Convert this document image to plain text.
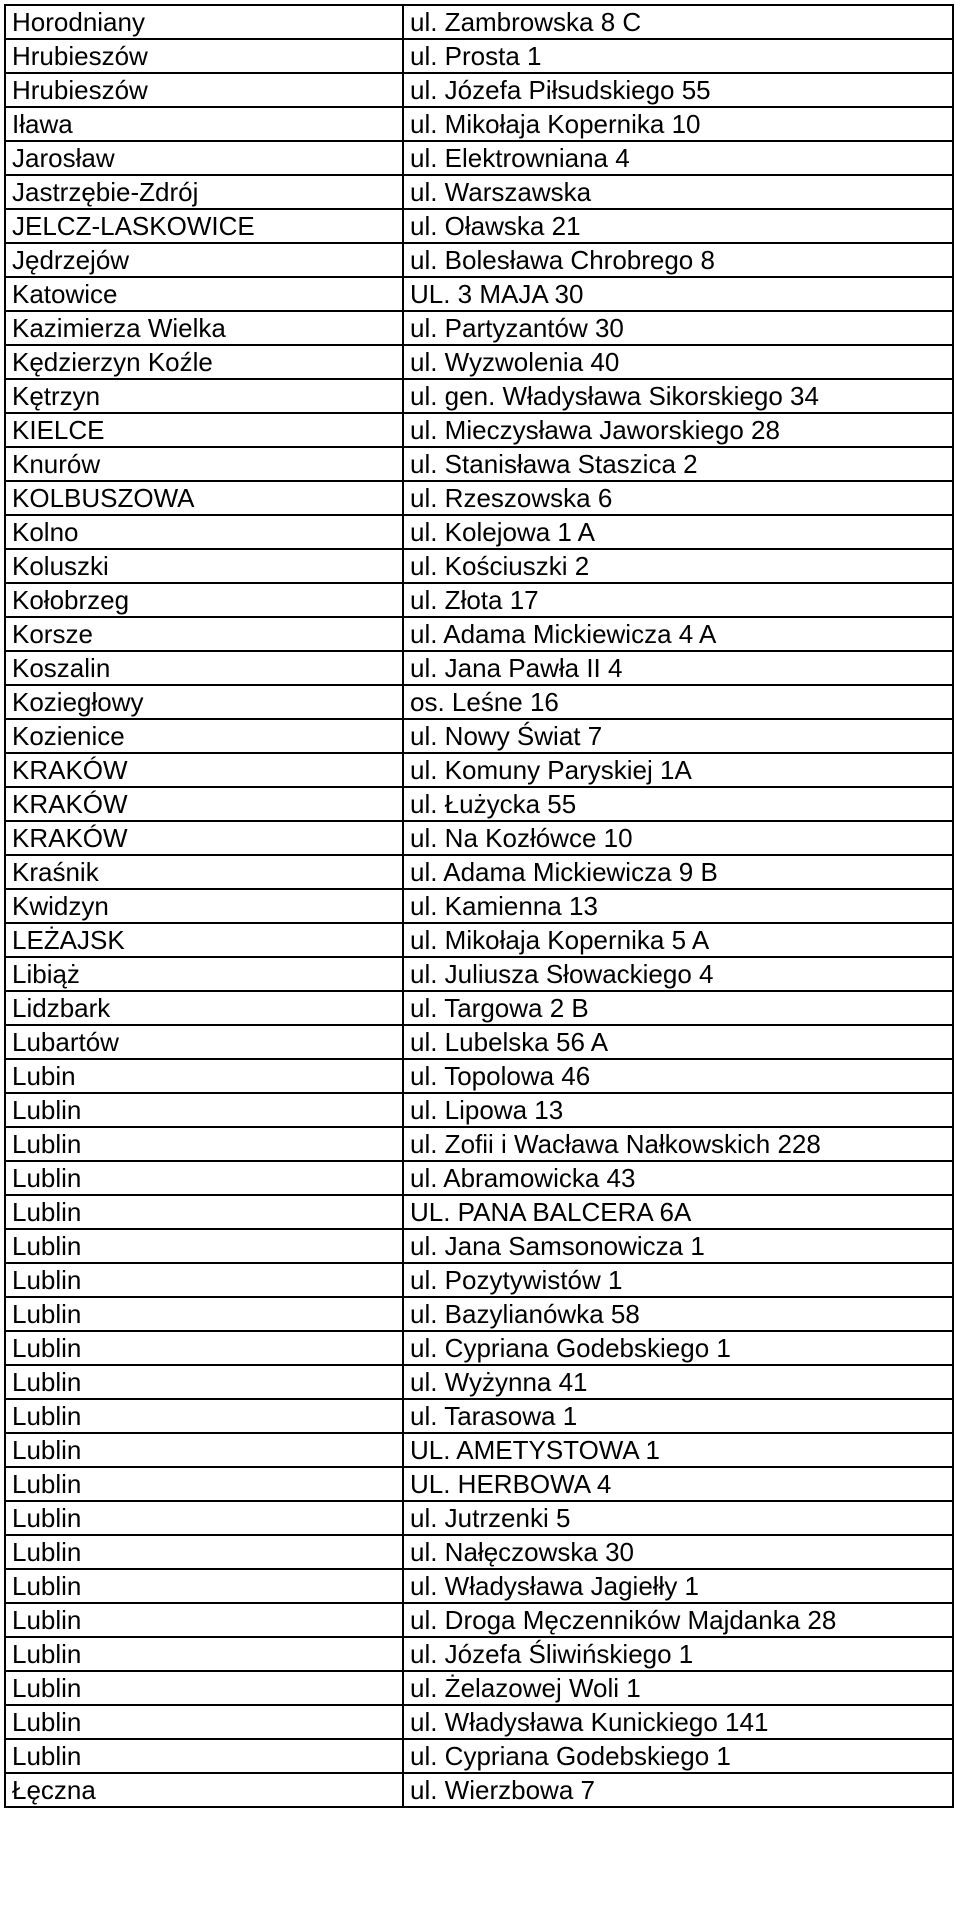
Horodniany	ul. Zambrowska 8 C
Hrubieszów	ul. Prosta 1
Hrubieszów	ul. Józefa Piłsudskiego 55
Iława	ul. Mikołaja Kopernika 10
Jarosław	ul. Elektrowniana 4
Jastrzębie-Zdrój	ul. Warszawska
JELCZ-LASKOWICE	ul. Oławska 21
Jędrzejów	ul. Bolesława Chrobrego 8
Katowice	UL. 3 MAJA 30
Kazimierza Wielka	ul. Partyzantów 30
Kędzierzyn Koźle	ul. Wyzwolenia 40
Kętrzyn	ul. gen. Władysława Sikorskiego 34
KIELCE	ul. Mieczysława Jaworskiego 28
Knurów	ul. Stanisława Staszica 2
KOLBUSZOWA	ul. Rzeszowska 6
Kolno	ul. Kolejowa 1 A
Koluszki	ul. Kościuszki 2
Kołobrzeg	ul. Złota 17
Korsze	ul. Adama Mickiewicza 4 A
Koszalin	ul. Jana Pawła II 4
Koziegłowy	os. Leśne 16
Kozienice	ul. Nowy Świat 7
KRAKÓW	ul. Komuny Paryskiej 1A
KRAKÓW	ul. Łużycka 55
KRAKÓW	ul. Na Kozłówce 10
Kraśnik	ul. Adama Mickiewicza 9 B
Kwidzyn	ul. Kamienna 13
LEŻAJSK	ul. Mikołaja Kopernika 5 A
Libiąż	ul. Juliusza Słowackiego 4
Lidzbark	ul. Targowa 2 B
Lubartów	ul. Lubelska 56 A
Lubin	ul. Topolowa 46
Lublin	ul. Lipowa 13
Lublin	ul. Zofii i Wacława Nałkowskich 228
Lublin	ul. Abramowicka 43
Lublin	UL. PANA BALCERA 6A
Lublin	ul. Jana Samsonowicza 1
Lublin	ul. Pozytywistów 1
Lublin	ul. Bazylianówka 58
Lublin	ul. Cypriana Godebskiego 1
Lublin	ul. Wyżynna 41
Lublin	ul. Tarasowa 1
Lublin	UL. AMETYSTOWA 1
Lublin	UL. HERBOWA 4
Lublin	ul. Jutrzenki 5
Lublin	ul. Nałęczowska 30
Lublin	ul. Władysława Jagiełły 1
Lublin	ul. Droga Męczenników Majdanka 28
Lublin	ul. Józefa Śliwińskiego 1
Lublin	ul. Żelazowej Woli 1
Lublin	ul. Władysława Kunickiego 141
Lublin	ul. Cypriana Godebskiego 1
Łęczna	ul. Wierzbowa 7
